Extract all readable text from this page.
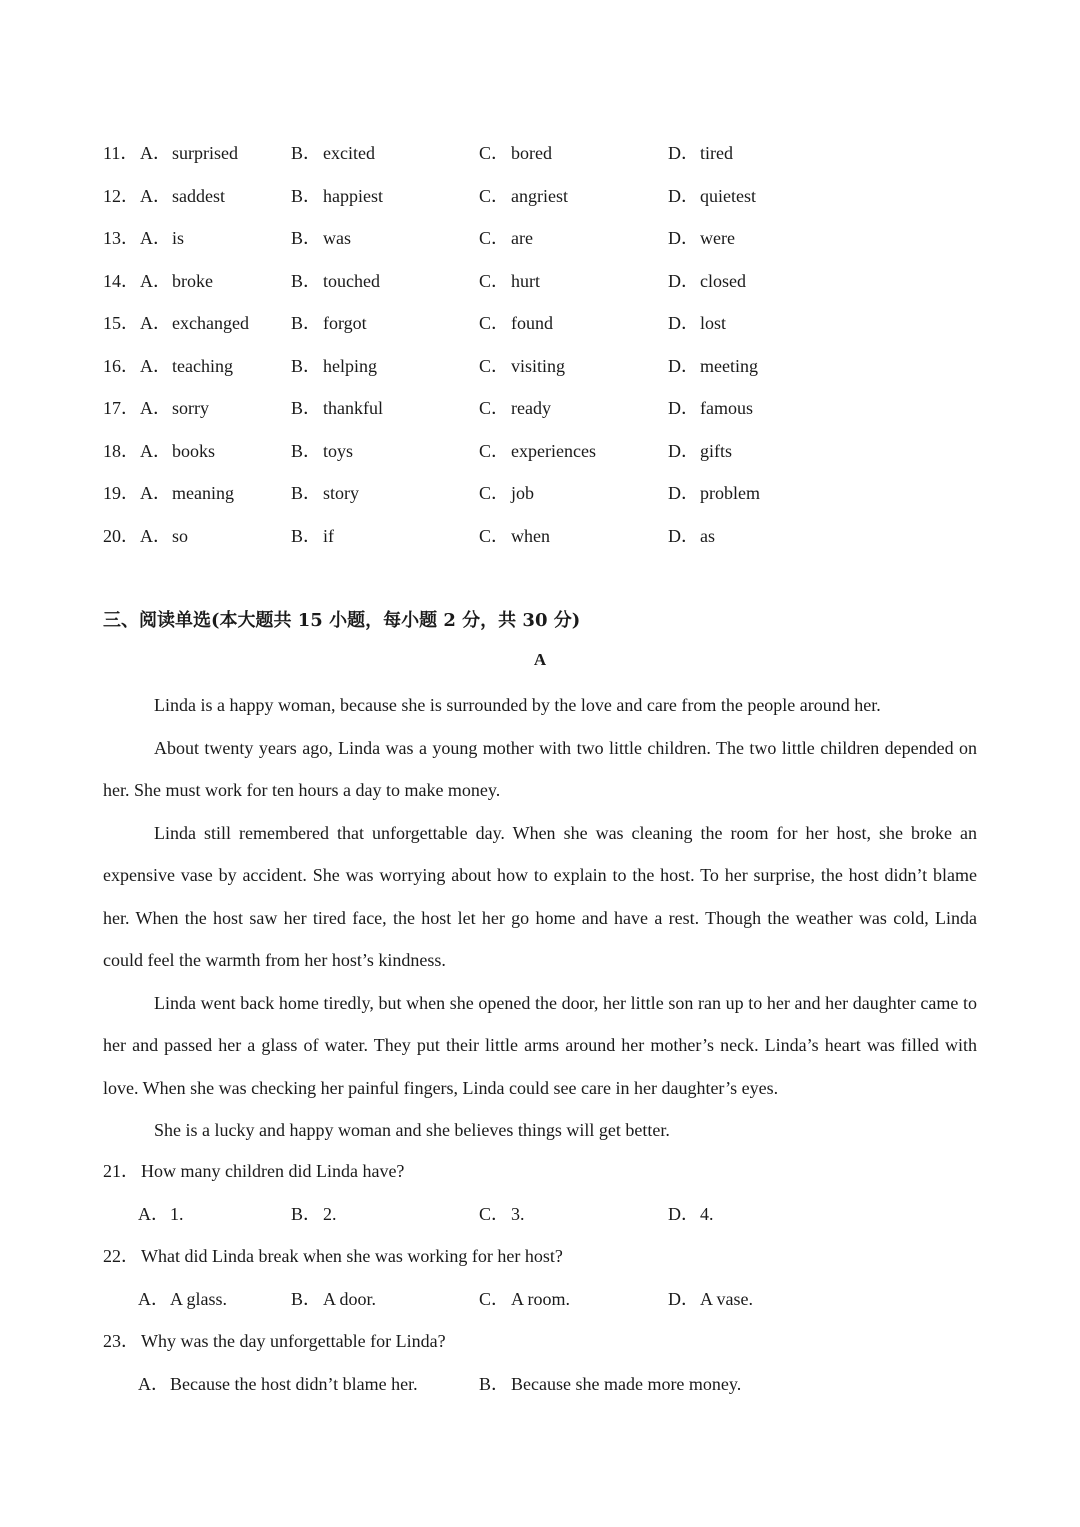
11． A．surprised	B． excited	C． bored	D．tired
12． A．saddest	B． happiest	C． angriest	D．quietest
13． A．is	B． was	C． are	D．were
14． A．broke	B． touched	C． hurt	D．closed
15． A．exchanged B． forgot	C． found	D．lost
16． A．teaching	B． helping	C． visiting	D．meeting
17． A．sorry	B． thankful	C． ready	D．famous
18． A．books	B． toys	C． experiences	D．gifts
19． A．meaning	B． story	C． job	D．problem
20． A．so	B． if	C． when	D．as
三、阅读单选(本大题共 15 小题，每小题 2 分，共 30 分)
A

Linda is a happy woman, because she is surrounded by the love and care from the people around her.

About twenty years ago, Linda was a young mother with two little children. The two little children depended on her. She must work for ten hours a day to make money.

Linda still remembered that unforgettable day. When she was cleaning the room for her host, she broke an expensive vase by accident. She was worrying about how to explain to the host. To her surprise, the host didn’t blame her. When the host saw her tired face, the host let her go home and have a rest. Though the weather was cold, Linda could feel the warmth from her host’s kindness.

Linda went back home tiredly, but when she opened the door, her little son ran up to her and her daughter came to her and passed her a glass of water. They put their little arms around her mother’s neck. Linda’s heart was filled with love. When she was checking her painful fingers, Linda could see care in her daughter’s eyes.

She is a lucky and happy woman and she believes things will get better.

21． How many children did Linda have?
A．1.	B． 2.	C． 3.	D．4.
22． What did Linda break when she was working for her host?
A．A glass.	B． A door.	C． A room.	D．A vase.
23． Why was the day unforgettable for Linda?
A．Because the host didn’t blame her.	B． Because she made more money.
